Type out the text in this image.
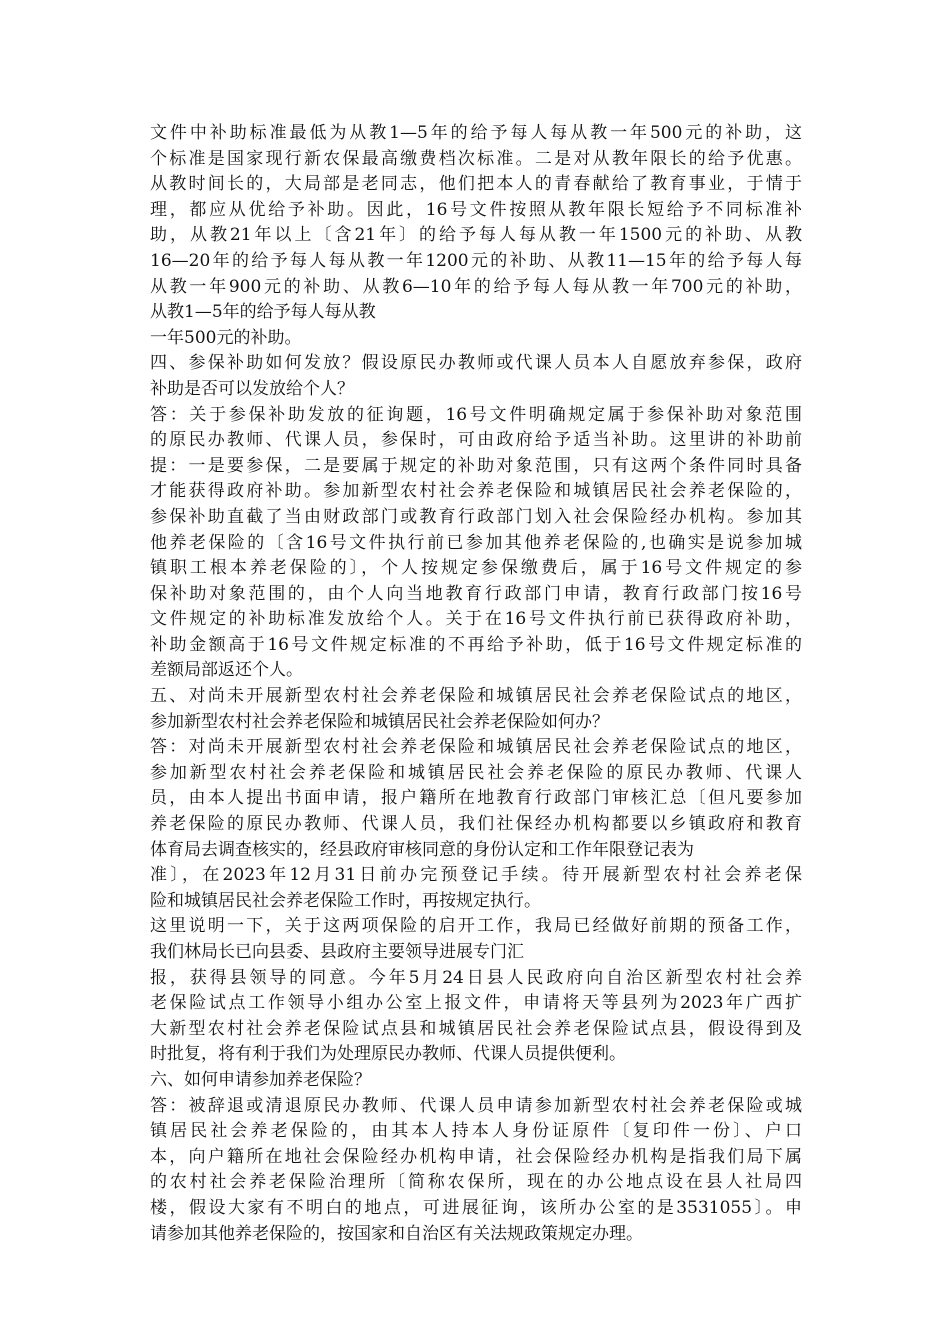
文件中补助标准最低为从教1—5年的给予每人每从教一年500元的补助，这
个标准是国家现行新农保最高缴费档次标准。二是对从教年限长的给予优惠。
从教时间长的，大局部是老同志，他们把本人的青春献给了教育事业，于情于
理，都应从优给予补助。因此，16号文件按照从教年限长短给予不同标准补
助，从教21年以上〔含21年〕的给予每人每从教一年1500元的补助、从教
16—20年的给予每人每从教一年1200元的补助、从教11—15年的给予每人每
从教一年900元的补助、从教6—10年的给予每人每从教一年700元的补助，
从教1—5年的给予每人每从教
一年500元的补助。
四、参保补助如何发放？假设原民办教师或代课人员本人自愿放弃参保，政府
补助是否可以发放给个人？
答：关于参保补助发放的征询题，16号文件明确规定属于参保补助对象范围
的原民办教师、代课人员，参保时，可由政府给予适当补助。这里讲的补助前
提：一是要参保，二是要属于规定的补助对象范围，只有这两个条件同时具备
才能获得政府补助。参加新型农村社会养老保险和城镇居民社会养老保险的，
参保补助直截了当由财政部门或教育行政部门划入社会保险经办机构。参加其
他养老保险的〔含16号文件执行前已参加其他养老保险的,也确实是说参加城
镇职工根本养老保险的〕，个人按规定参保缴费后，属于16号文件规定的参
保补助对象范围的，由个人向当地教育行政部门申请，教育行政部门按16号
文件规定的补助标准发放给个人。关于在16号文件执行前已获得政府补助，
补助金额高于16号文件规定标准的不再给予补助，低于16号文件规定标准的
差额局部返还个人。
五、对尚未开展新型农村社会养老保险和城镇居民社会养老保险试点的地区，
参加新型农村社会养老保险和城镇居民社会养老保险如何办？
答：对尚未开展新型农村社会养老保险和城镇居民社会养老保险试点的地区，
参加新型农村社会养老保险和城镇居民社会养老保险的原民办教师、代课人
员，由本人提出书面申请，报户籍所在地教育行政部门审核汇总〔但凡要参加
养老保险的原民办教师、代课人员，我们社保经办机构都要以乡镇政府和教育
体育局去调查核实的，经县政府审核同意的身份认定和工作年限登记表为
准〕，在2023年12月31日前办完预登记手续。待开展新型农村社会养老保
险和城镇居民社会养老保险工作时，再按规定执行。
这里说明一下，关于这两项保险的启开工作，我局已经做好前期的预备工作，
我们林局长已向县委、县政府主要领导进展专门汇
报，获得县领导的同意。今年5月24日县人民政府向自治区新型农村社会养
老保险试点工作领导小组办公室上报文件，申请将天等县列为2023年广西扩
大新型农村社会养老保险试点县和城镇居民社会养老保险试点县，假设得到及
时批复，将有利于我们为处理原民办教师、代课人员提供便利。
六、如何申请参加养老保险？
答：被辞退或清退原民办教师、代课人员申请参加新型农村社会养老保险或城
镇居民社会养老保险的，由其本人持本人身份证原件〔复印件一份〕、户口
本，向户籍所在地社会保险经办机构申请，社会保险经办机构是指我们局下属
的农村社会养老保险治理所〔简称农保所，现在的办公地点设在县人社局四
楼，假设大家有不明白的地点，可进展征询，该所办公室的是3531055〕。申
请参加其他养老保险的，按国家和自治区有关法规政策规定办理。
